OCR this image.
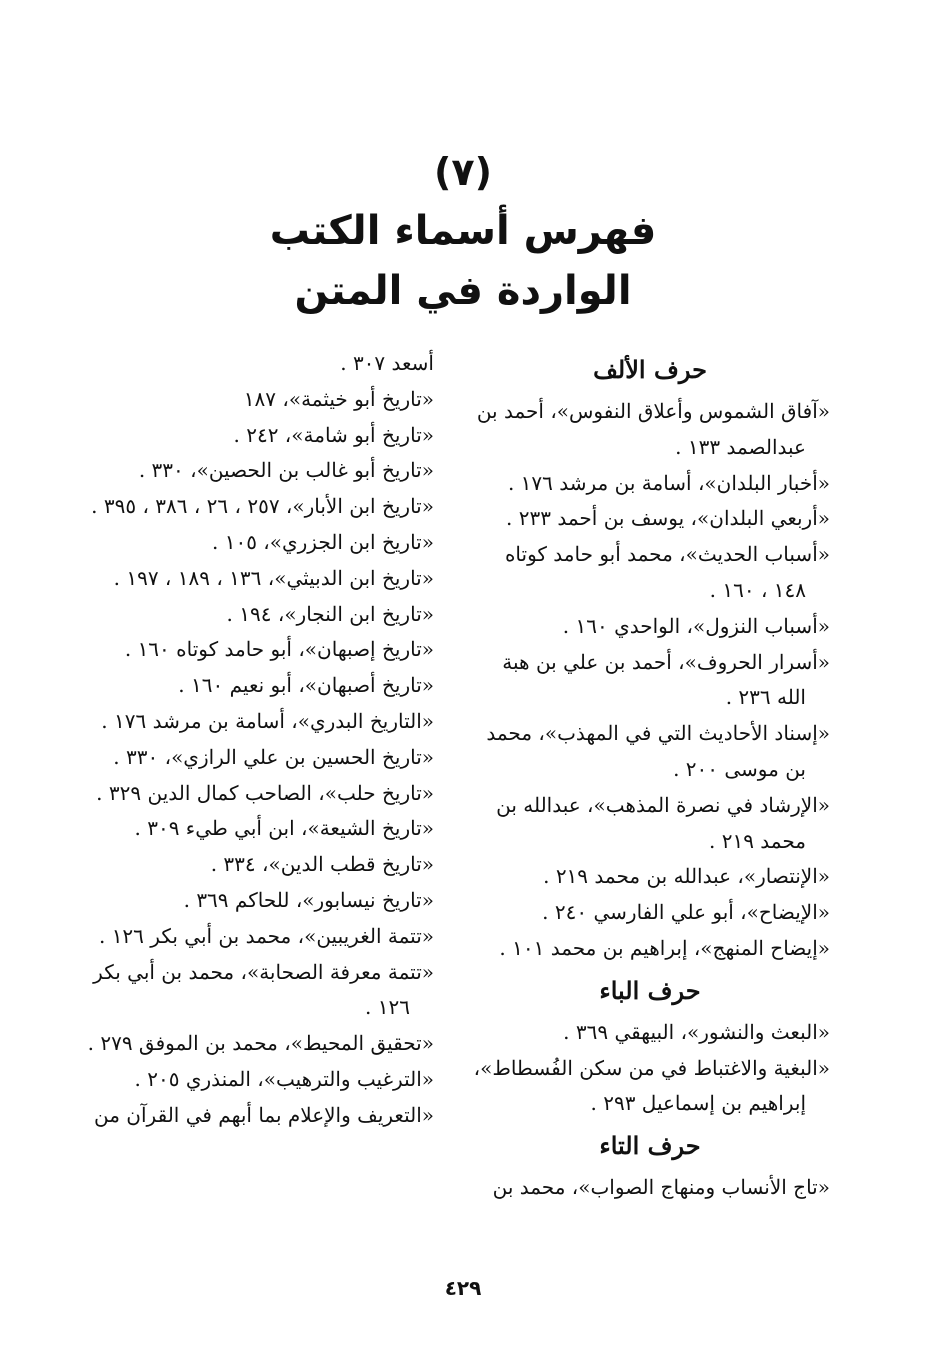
(٧)
فهرس أسماء الكتب
الواردة في المتن
حرف الألف
«آفاق الشموس وأعلاق النفوس»، أحمد بن عبدالصمد ١٣٣ .
«أخبار البلدان»، أسامة بن مرشد ١٧٦ .
«أربعي البلدان»، يوسف بن أحمد ٢٣٣ .
«أسباب الحديث»، محمد أبو حامد كوتاه ١٤٨ ، ١٦٠ .
«أسباب النزول»، الواحدي ١٦٠ .
«أسرار الحروف»، أحمد بن علي بن هبة الله ٢٣٦ .
«إسناد الأحاديث التي في المهذب»، محمد بن موسى ٢٠٠ .
«الإرشاد في نصرة المذهب»، عبدالله بن محمد ٢١٩ .
«الإنتصار»، عبدالله بن محمد ٢١٩ .
«الإيضاح»، أبو علي الفارسي ٢٤٠ .
«إيضاح المنهج»، إبراهيم بن محمد ١٠١ .
حرف الباء
«البعث والنشور»، البيهقي ٣٦٩ .
«البغية والاغتباط في من سكن الفُسطاط»، إبراهيم بن إسماعيل ٢٩٣ .
حرف التاء
«تاج الأنساب ومنهاج الصواب»، محمد بن
أسعد ٣٠٧ .
«تاريخ أبو خيثمة»، ١٨٧
«تاريخ أبو شامة»، ٢٤٢ .
«تاريخ أبو غالب بن الحصين»، ٣٣٠ .
«تاريخ ابن الأبار»، ٢٥٧ ، ٢٦ ، ٣٨٦ ، ٣٩٥ .
«تاريخ ابن الجزري»، ١٠٥ .
«تاريخ ابن الدبيثي»، ١٣٦ ، ١٨٩ ، ١٩٧ .
«تاريخ ابن النجار»، ١٩٤ .
«تاريخ إصبهان»، أبو حامد كوتاه ١٦٠ .
«تاريخ أصبهان»، أبو نعيم ١٦٠ .
«التاريخ البدري»، أسامة بن مرشد ١٧٦ .
«تاريخ الحسين بن علي الرازي»، ٣٣٠ .
«تاريخ حلب»، الصاحب كمال الدين ٣٢٩ .
«تاريخ الشيعة»، ابن أبي طيء ٣٠٩ .
«تاريخ قطب الدين»، ٣٣٤ .
«تاريخ نيسابور»، للحاكم ٣٦٩ .
«تتمة الغريبين»، محمد بن أبي بكر ١٢٦ .
«تتمة معرفة الصحابة»، محمد بن أبي بكر ١٢٦ .
«تحقيق المحيط»، محمد بن الموفق ٢٧٩ .
«الترغيب والترهيب»، المنذري ٢٠٥ .
«التعريف والإعلام بما أبهم في القرآن من
٤٢٩
